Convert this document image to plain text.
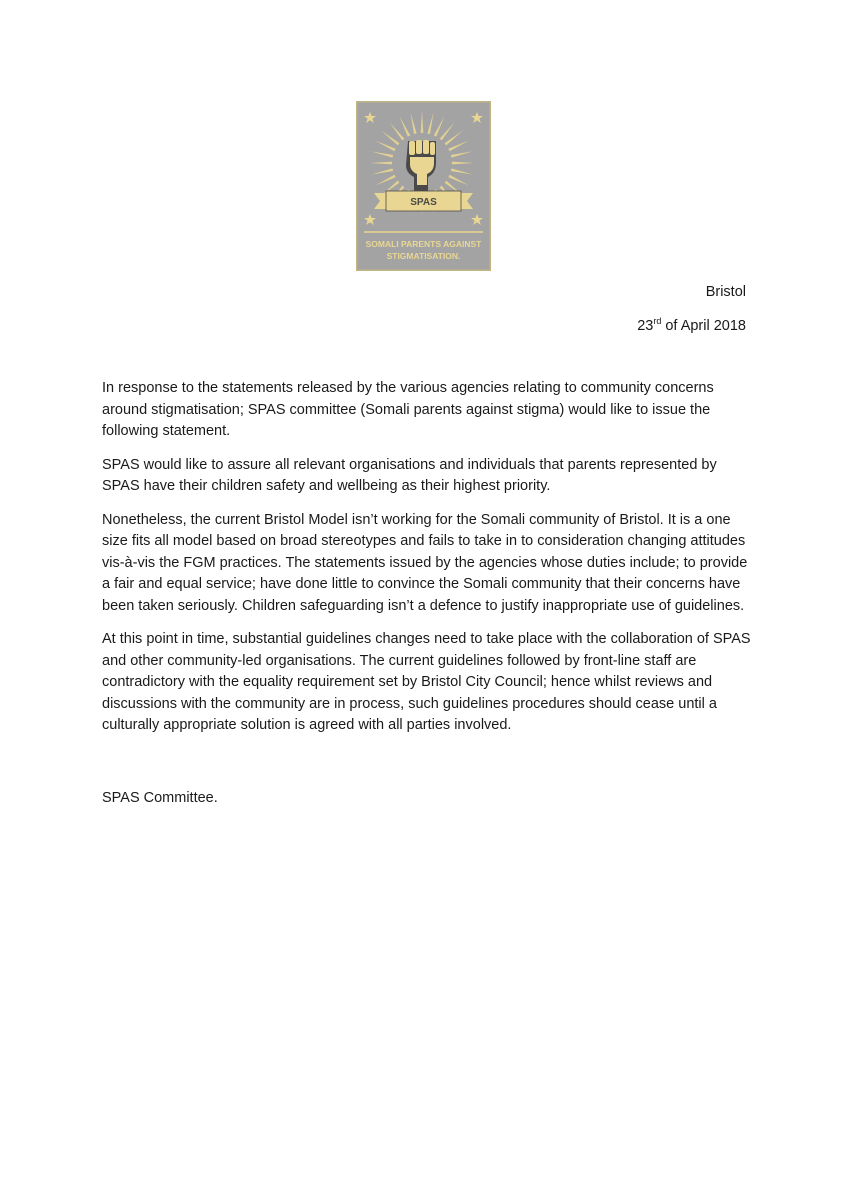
SPAS
SOMALI PARENTS AGAINST
STIGMATISATION.
Bristol
23rd of April 2018

In response to the statements released by the various agencies relating to community concerns around stigmatisation; SPAS committee (Somali parents against stigma) would like to issue the following statement.

SPAS would like to assure all relevant organisations and individuals that parents represented by SPAS have their children safety and wellbeing as their highest priority.

Nonetheless, the current Bristol Model isn’t working for the Somali community of Bristol. It is a one size fits all model based on broad stereotypes and fails to take in to consideration changing attitudes vis-à-vis the FGM practices. The statements issued by the agencies whose duties include; to provide a fair and equal service; have done little to convince the Somali community that their concerns have been taken seriously. Children safeguarding isn’t a defence to justify inappropriate use of guidelines.

At this point in time, substantial guidelines changes need to take place with the collaboration of SPAS and other community-led organisations. The current guidelines followed by front-line staff are contradictory with the equality requirement set by Bristol City Council; hence whilst reviews and discussions with the community are in process, such guidelines procedures should cease until a culturally appropriate solution is agreed with all parties involved.

SPAS Committee.
